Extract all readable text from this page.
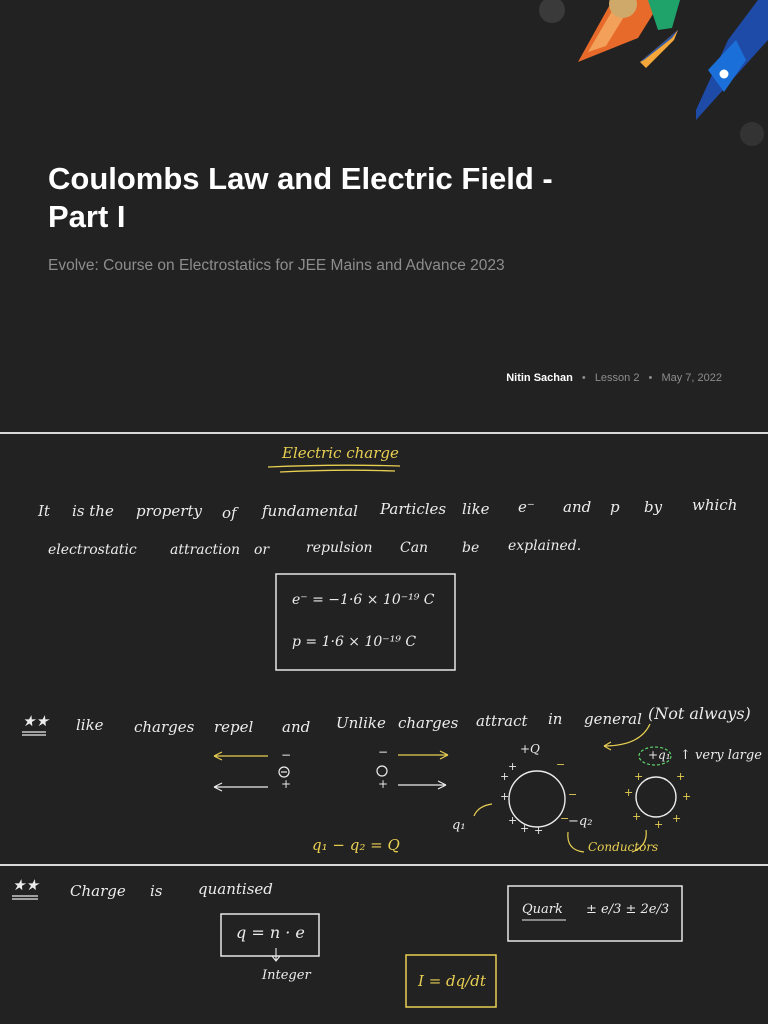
Coulombs Law and Electric Field -
Part I
Evolve: Course on Electrostatics for JEE Mains and Advance 2023
Nitin Sachan • Lesson 2 • May 7, 2022
Electric charge
It is the property of fundamental Particles like e⁻ and p by which
electrostatic attraction or	repulsion Can be explained.
e⁻ = −1·6 × 10⁻¹⁹ C
p = 1·6 × 10⁻¹⁹ C
★★ like charges repel and Unlike charges attract in general (Not always)
−
+
−
+
+Q	+q₁ ↑ very large
+
+
+
+
+ +
−
−
−
+
+	+
+
+
+	+
q₁	−q₂
q₁ − q₂ = Q	Conductors
★★ Charge is quantised
q = n · e
Integer
Quark ± e/3 ± 2e/3
I = dq/dt
